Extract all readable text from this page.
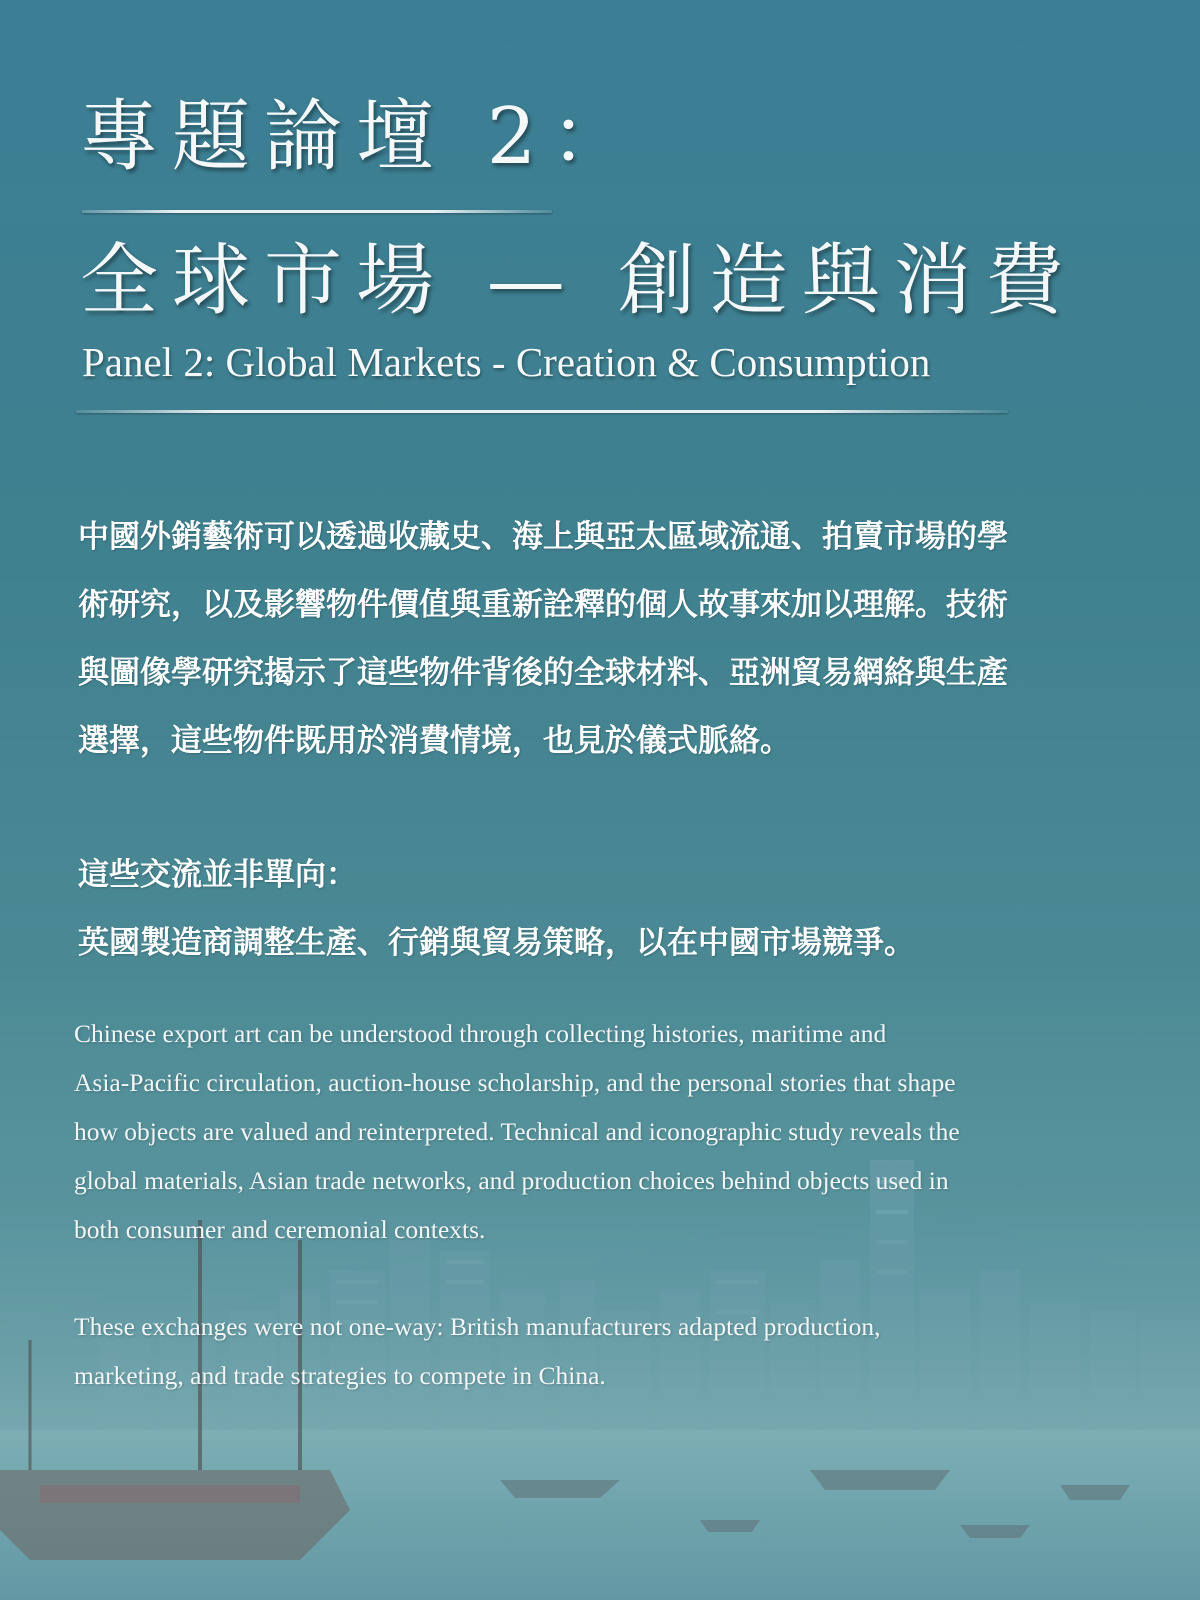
專題論壇 2：
全球市場 — 創造與消費
Panel 2: Global Markets - Creation & Consumption
中國外銷藝術可以透過收藏史、海上與亞太區域流通、拍賣市場的學
術研究，以及影響物件價值與重新詮釋的個人故事來加以理解。技術
與圖像學研究揭示了這些物件背後的全球材料、亞洲貿易網絡與生產
選擇，這些物件既用於消費情境，也見於儀式脈絡。
這些交流並非單向：
英國製造商調整生產、行銷與貿易策略，以在中國市場競爭。
Chinese export art can be understood through collecting histories, maritime and
Asia-Pacific circulation, auction-house scholarship, and the personal stories that shape
how objects are valued and reinterpreted. Technical and iconographic study reveals the
global materials, Asian trade networks, and production choices behind objects used in
both consumer and ceremonial contexts.
These exchanges were not one-way: British manufacturers adapted production,
marketing, and trade strategies to compete in China.
